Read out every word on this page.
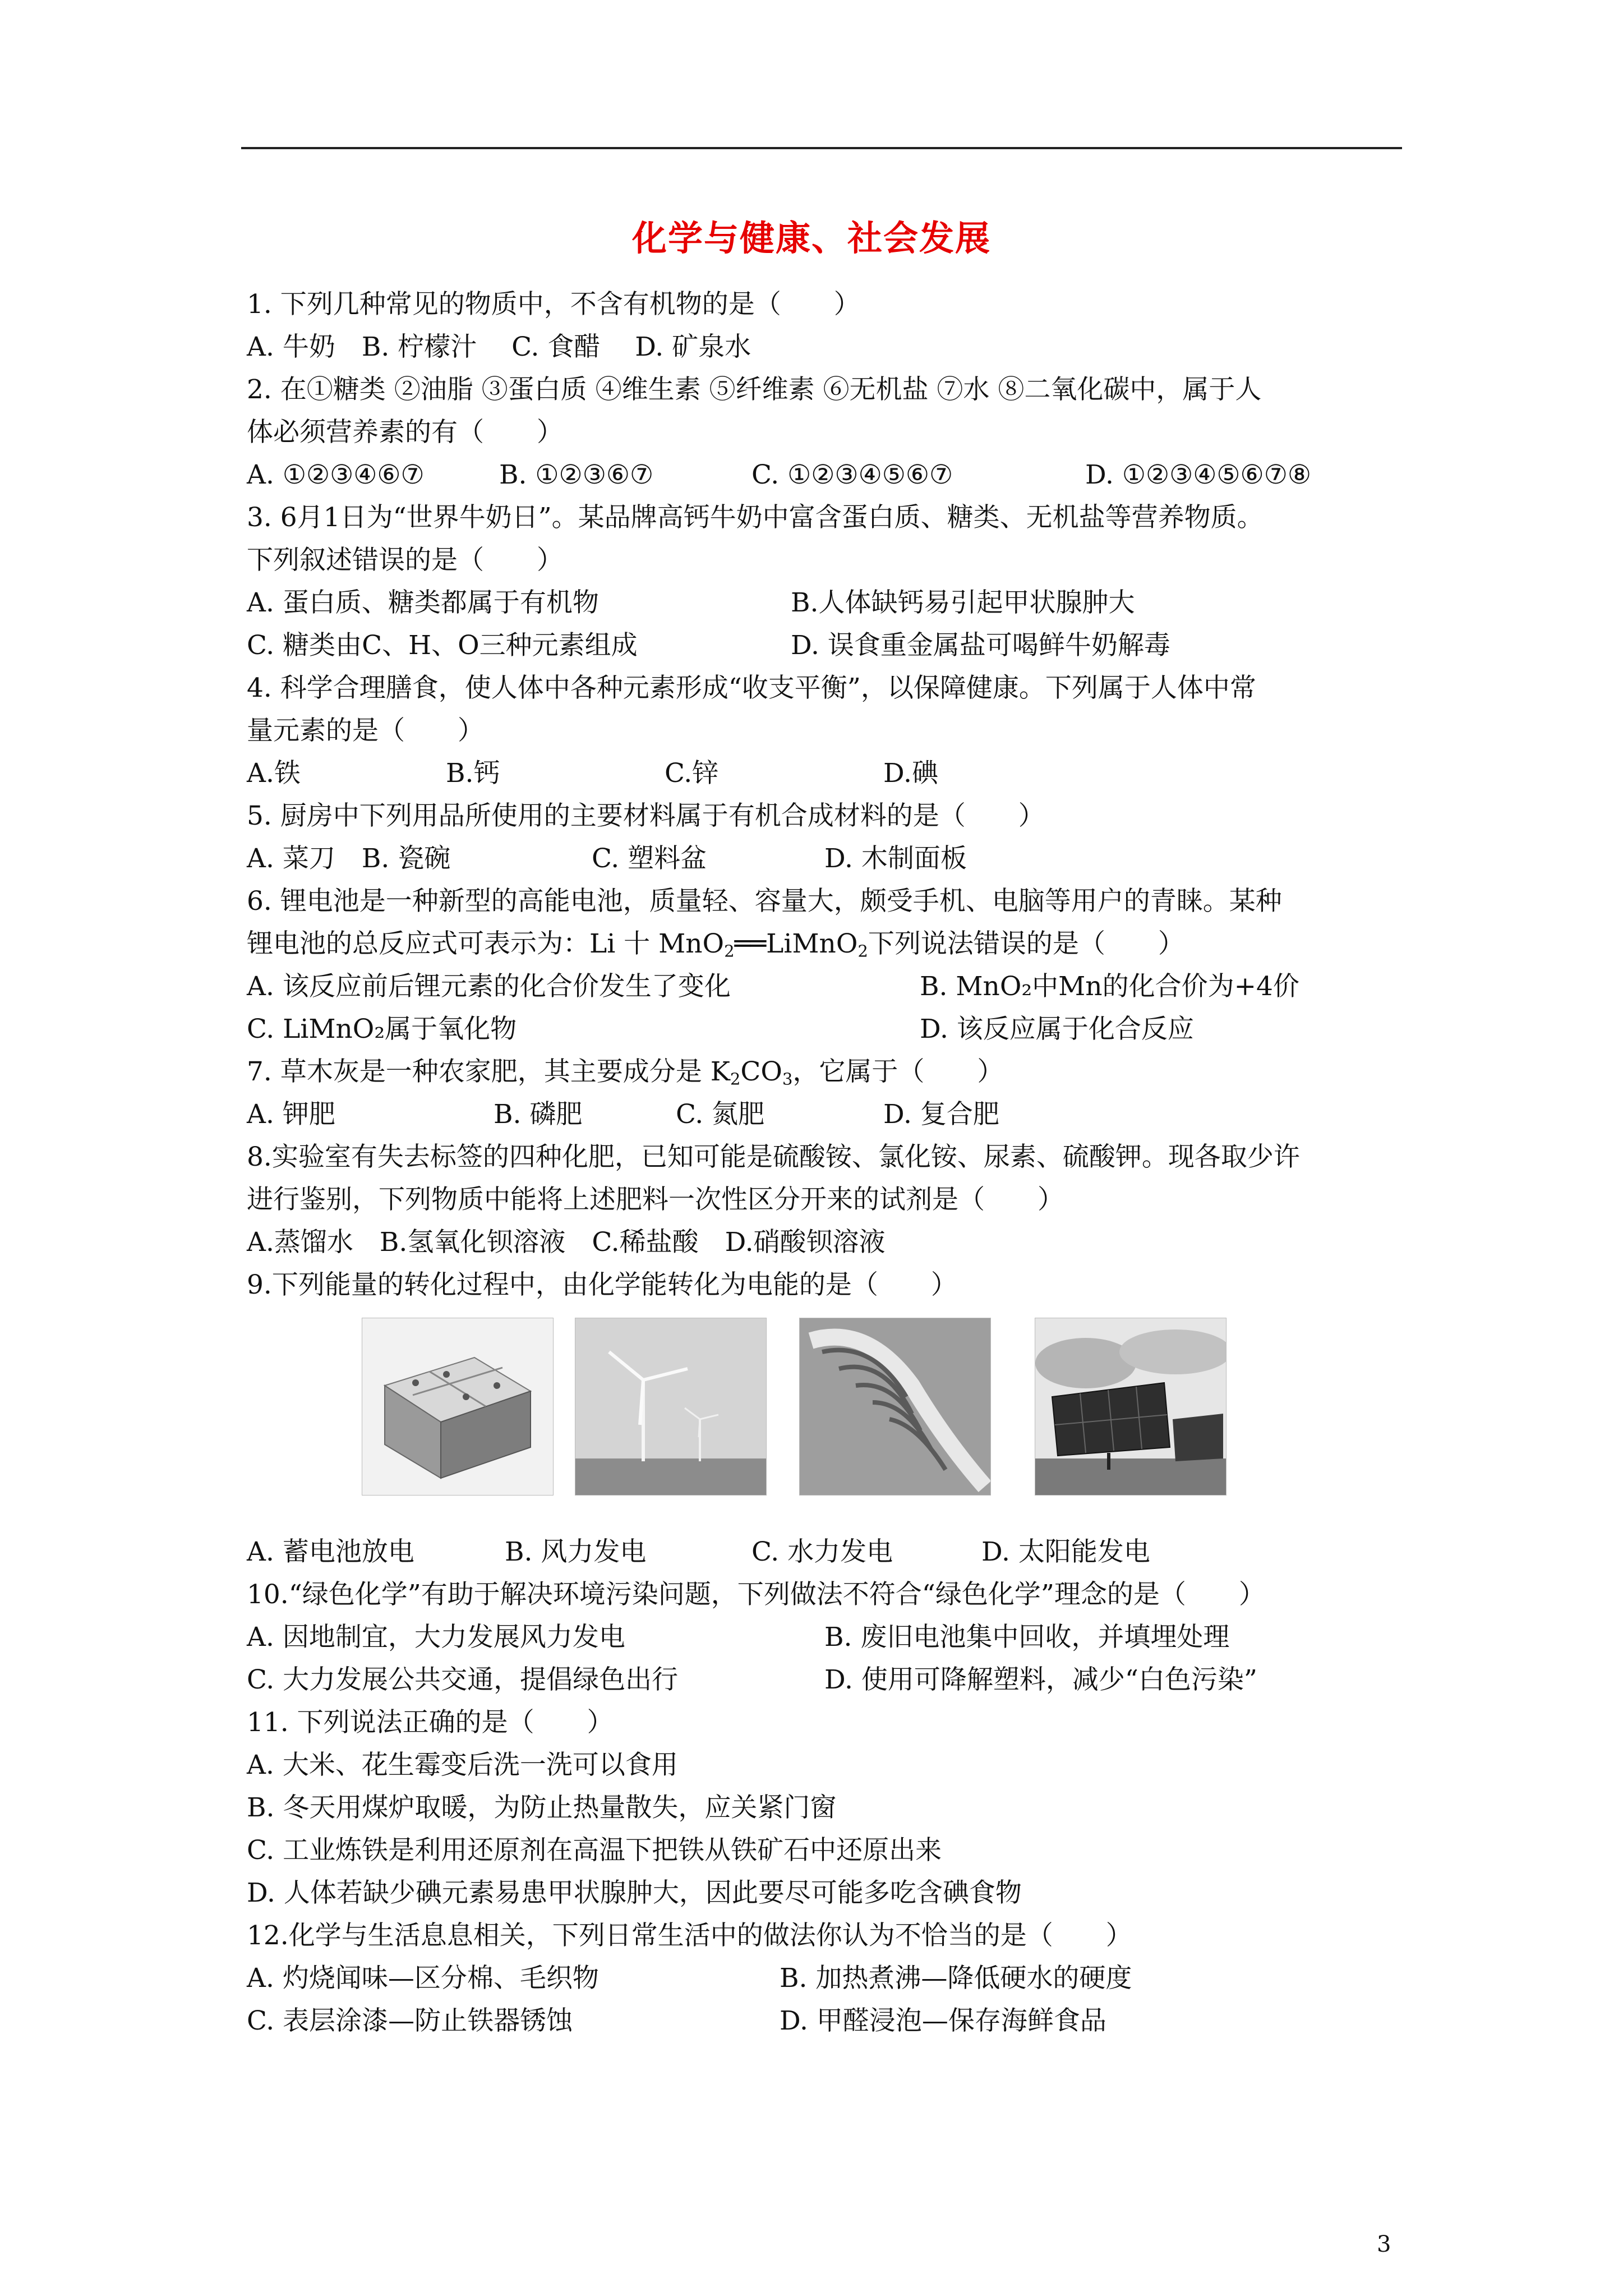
化学与健康、社会发展
1. 下列几种常见的物质中，不含有机物的是（　　）
A. 牛奶　B. 柠檬汁　 C. 食醋　 D. 矿泉水
2. 在①糖类 ②油脂 ③蛋白质 ④维生素 ⑤纤维素 ⑥无机盐 ⑦水 ⑧二氧化碳中，属于人
体必须营养素的有（　　）
A. ①②③④⑥⑦	B. ①②③⑥⑦	C. ①②③④⑤⑥⑦	D. ①②③④⑤⑥⑦⑧
3. 6月1日为“世界牛奶日”。某品牌高钙牛奶中富含蛋白质、糖类、无机盐等营养物质。
下列叙述错误的是（　　）
A. 蛋白质、糖类都属于有机物	B.人体缺钙易引起甲状腺肿大
C. 糖类由C、H、O三种元素组成	D. 误食重金属盐可喝鲜牛奶解毒
4. 科学合理膳食，使人体中各种元素形成“收支平衡”，以保障健康。下列属于人体中常
量元素的是（　　）
A.铁	B.钙	C.锌	D.碘
5. 厨房中下列用品所使用的主要材料属于有机合成材料的是（　　）
A. 菜刀　B. 瓷碗	C. 塑料盆	D. 木制面板
6. 锂电池是一种新型的高能电池，质量轻、容量大，颇受手机、电脑等用户的青睐。某种
锂电池的总反应式可表示为：Li 十 MnO$_2$══LiMnO$_2$下列说法错误的是（　　）
A. 该反应前后锂元素的化合价发生了变化	B. MnO₂中Mn的化合价为+4价
C. LiMnO₂属于氧化物	D. 该反应属于化合反应
7. 草木灰是一种农家肥，其主要成分是 $K_2CO_3$，它属于（　　）
A. 钾肥	B. 磷肥	C. 氮肥	D. 复合肥
8.实验室有失去标签的四种化肥，已知可能是硫酸铵、氯化铵、尿素、硫酸钾。现各取少许
进行鉴别，下列物质中能将上述肥料一次性区分开来的试剂是（　　）
A.蒸馏水　B.氢氧化钡溶液　C.稀盐酸　D.硝酸钡溶液
9.下列能量的转化过程中，由化学能转化为电能的是（　　）
A. 蓄电池放电	B. 风力发电	C. 水力发电	D. 太阳能发电
10.“绿色化学”有助于解决环境污染问题，下列做法不符合“绿色化学”理念的是（　　）
A. 因地制宜，大力发展风力发电	B. 废旧电池集中回收，并填埋处理
C. 大力发展公共交通，提倡绿色出行	D. 使用可降解塑料，减少“白色污染”
11. 下列说法正确的是（　　）
A. 大米、花生霉变后洗一洗可以食用
B. 冬天用煤炉取暖，为防止热量散失，应关紧门窗
C. 工业炼铁是利用还原剂在高温下把铁从铁矿石中还原出来
D. 人体若缺少碘元素易患甲状腺肿大，因此要尽可能多吃含碘食物
12.化学与生活息息相关，下列日常生活中的做法你认为不恰当的是（　　）
A. 灼烧闻味—区分棉、毛织物	B. 加热煮沸—降低硬水的硬度
C. 表层涂漆—防止铁器锈蚀	D. 甲醛浸泡—保存海鲜食品
3
